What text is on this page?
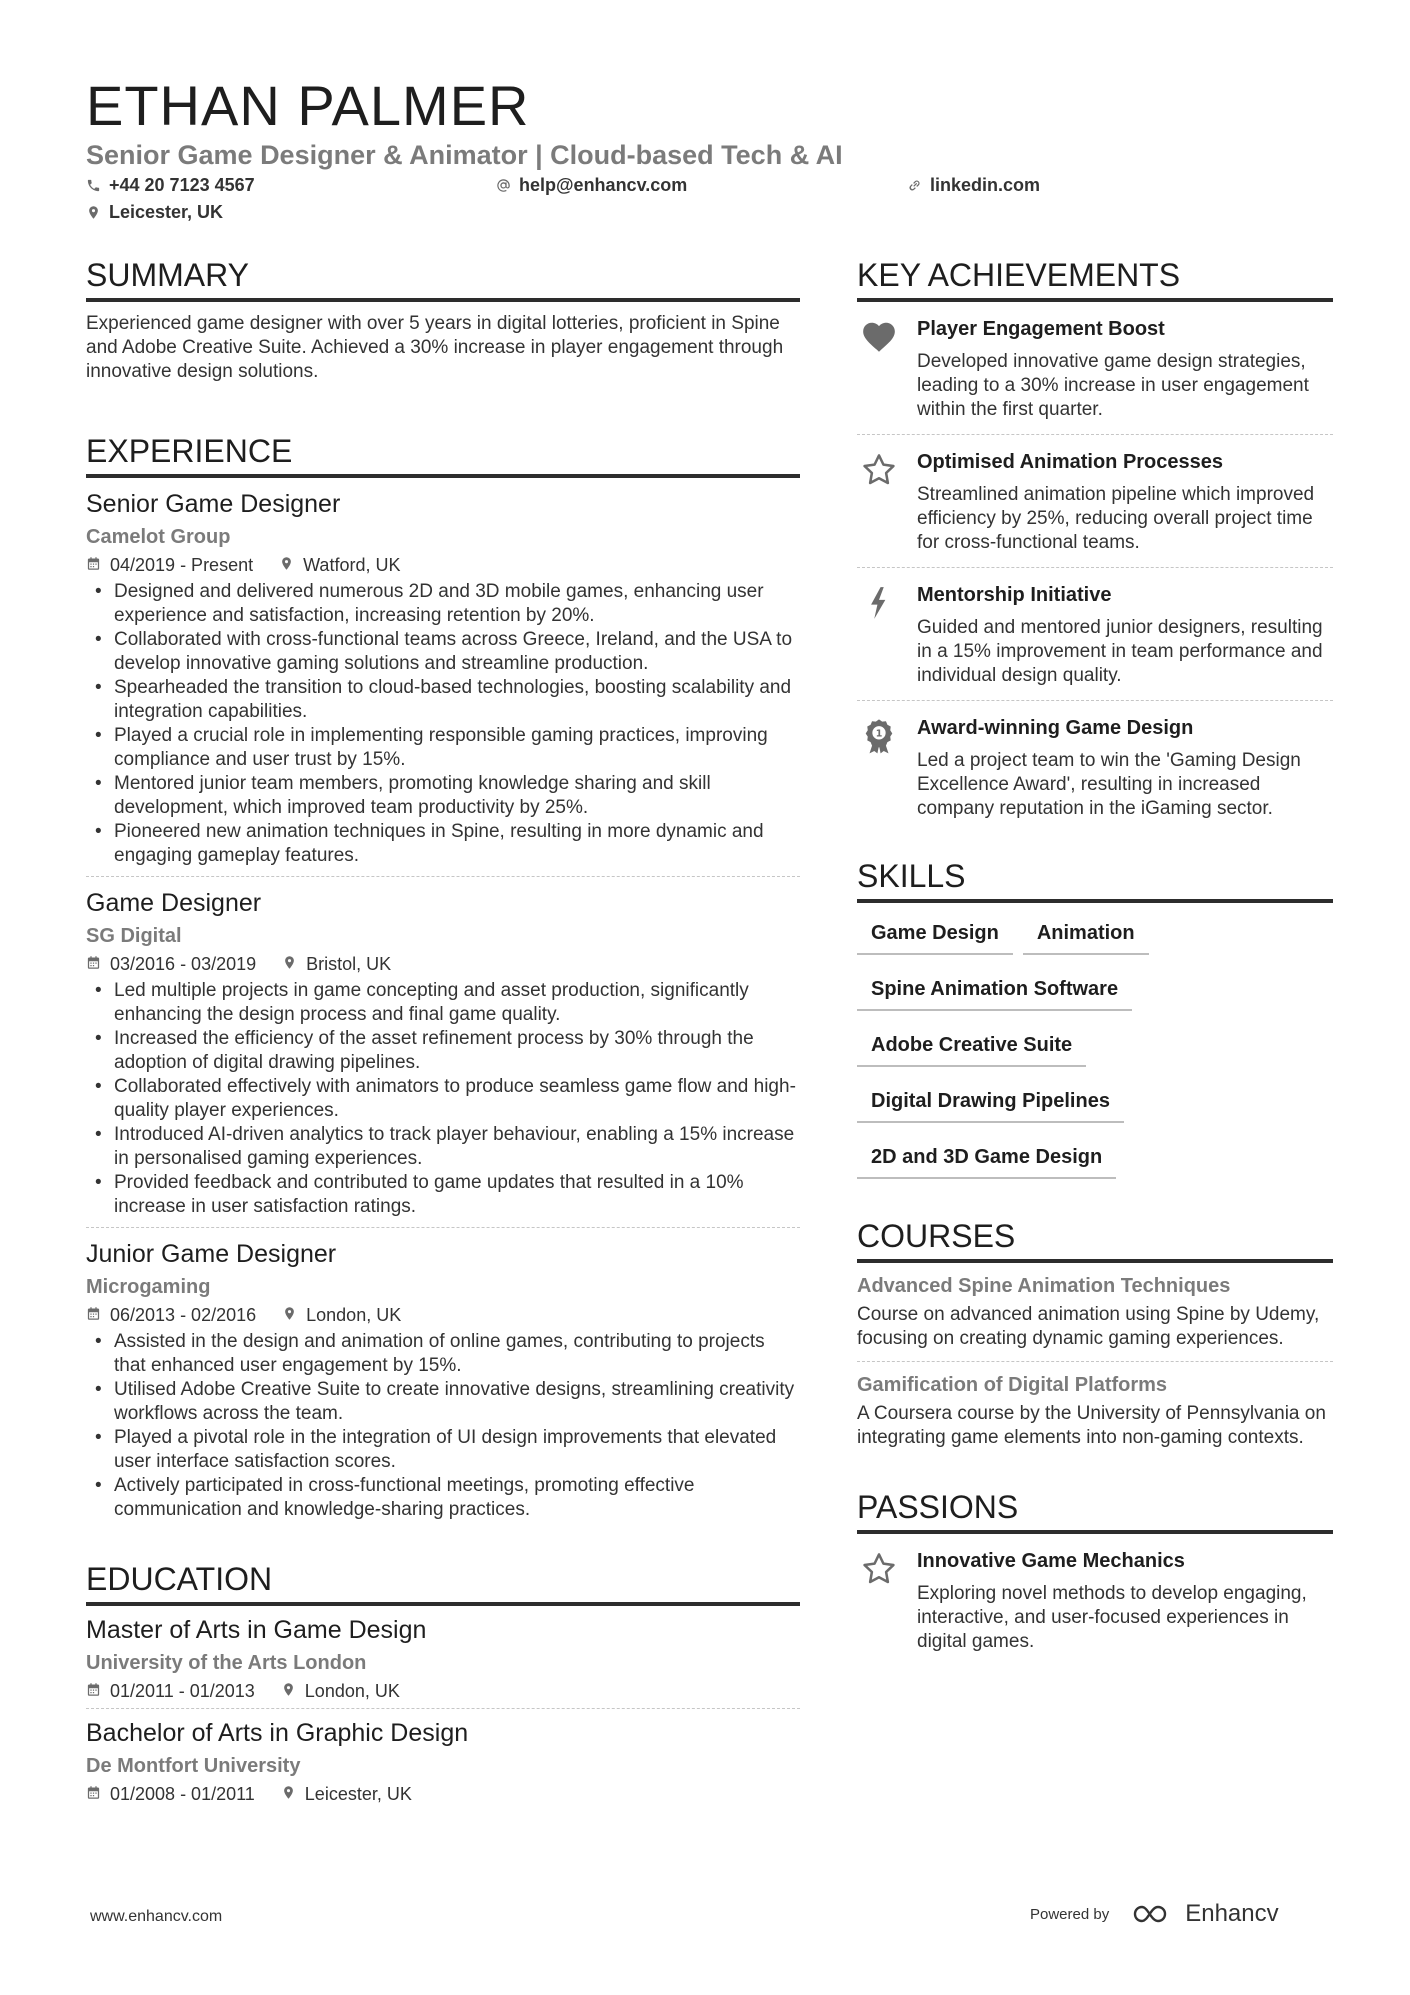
ETHAN PALMER
Senior Game Designer & Animator | Cloud-based Tech & AI
+44 20 7123 4567	help@enhancv.com	linkedin.com
Leicester, UK
SUMMARY
Experienced game designer with over 5 years in digital lotteries, proficient in Spine and Adobe Creative Suite. Achieved a 30% increase in player engagement through innovative design solutions.
EXPERIENCE
Senior Game Designer
Camelot Group
04/2019 - Present	Watford, UK
• Designed and delivered numerous 2D and 3D mobile games, enhancing user experience and satisfaction, increasing retention by 20%.
• Collaborated with cross-functional teams across Greece, Ireland, and the USA to develop innovative gaming solutions and streamline production.
• Spearheaded the transition to cloud-based technologies, boosting scalability and integration capabilities.
• Played a crucial role in implementing responsible gaming practices, improving compliance and user trust by 15%.
• Mentored junior team members, promoting knowledge sharing and skill development, which improved team productivity by 25%.
• Pioneered new animation techniques in Spine, resulting in more dynamic and engaging gameplay features.
Game Designer
SG Digital
03/2016 - 03/2019	Bristol, UK
• Led multiple projects in game concepting and asset production, significantly enhancing the design process and final game quality.
• Increased the efficiency of the asset refinement process by 30% through the adoption of digital drawing pipelines.
• Collaborated effectively with animators to produce seamless game flow and high-quality player experiences.
• Introduced AI-driven analytics to track player behaviour, enabling a 15% increase in personalised gaming experiences.
• Provided feedback and contributed to game updates that resulted in a 10% increase in user satisfaction ratings.
Junior Game Designer
Microgaming
06/2013 - 02/2016	London, UK
• Assisted in the design and animation of online games, contributing to projects that enhanced user engagement by 15%.
• Utilised Adobe Creative Suite to create innovative designs, streamlining creativity workflows across the team.
• Played a pivotal role in the integration of UI design improvements that elevated user interface satisfaction scores.
• Actively participated in cross-functional meetings, promoting effective communication and knowledge-sharing practices.
EDUCATION
Master of Arts in Game Design
University of the Arts London
01/2011 - 01/2013	London, UK
Bachelor of Arts in Graphic Design
De Montfort University
01/2008 - 01/2011	Leicester, UK
KEY ACHIEVEMENTS
Player Engagement Boost
Developed innovative game design strategies, leading to a 30% increase in user engagement within the first quarter.
Optimised Animation Processes
Streamlined animation pipeline which improved efficiency by 25%, reducing overall project time for cross-functional teams.
Mentorship Initiative
Guided and mentored junior designers, resulting in a 15% improvement in team performance and individual design quality.
1 Award-winning Game Design
Led a project team to win the 'Gaming Design Excellence Award', resulting in increased company reputation in the iGaming sector.
SKILLS
Game Design	Animation
Spine Animation Software
Adobe Creative Suite
Digital Drawing Pipelines
2D and 3D Game Design
COURSES
Advanced Spine Animation Techniques
Course on advanced animation using Spine by Udemy, focusing on creating dynamic gaming experiences.
Gamification of Digital Platforms
A Coursera course by the University of Pennsylvania on integrating game elements into non-gaming contexts.
PASSIONS
Innovative Game Mechanics
Exploring novel methods to develop engaging, interactive, and user-focused experiences in digital games.
www.enhancv.com	Powered by	Enhancv
